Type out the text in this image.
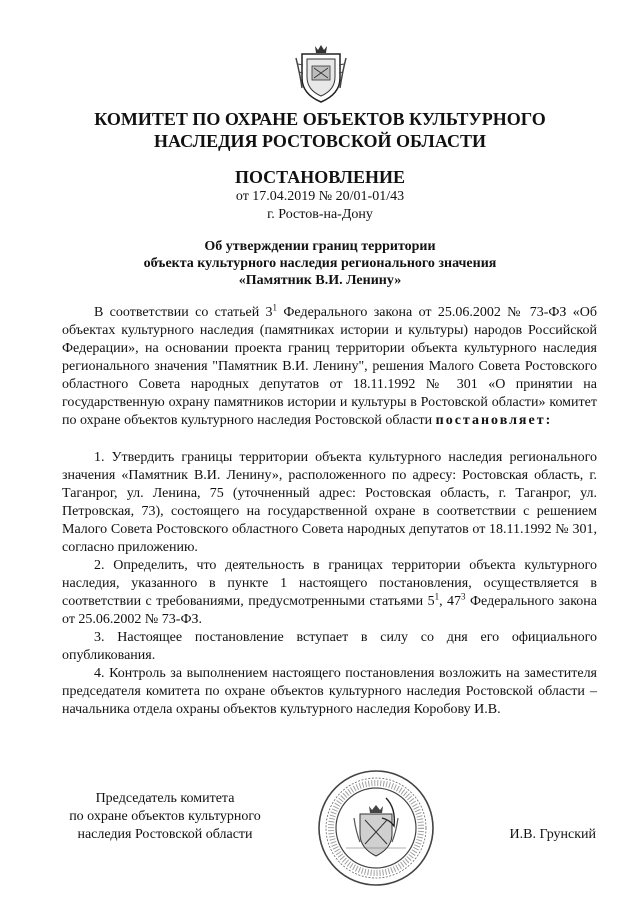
КОМИТЕТ ПО ОХРАНЕ ОБЪЕКТОВ КУЛЬТУРНОГО
НАСЛЕДИЯ РОСТОВСКОЙ ОБЛАСТИ
ПОСТАНОВЛЕНИЕ
от 17.04.2019 № 20/01-01/43
г. Ростов-на-Дону
Об утверждении границ территории
объекта культурного наследия регионального значения
«Памятник В.И. Ленину»

В соответствии со статьей $3^1$ Федерального закона от 25.06.2002 № 73-ФЗ «Об объектах культурного наследия (памятниках истории и культуры) народов Российской Федерации», на основании проекта границ территории объекта культурного наследия регионального значения "Памятник В.И. Ленину", решения Малого Совета Ростовского областного Совета народных депутатов от 18.11.1992 № 301 «О принятии на государственную охрану памятников истории и культуры в Ростовской области» комитет по охране объектов культурного наследия Ростовской области постановляет:

1. Утвердить границы территории объекта культурного наследия регионального значения «Памятник В.И. Ленину», расположенного по адресу: Ростовская область, г. Таганрог, ул. Ленина, 75 (уточненный адрес: Ростовская область, г. Таганрог, ул. Петровская, 73), состоящего на государственной охране в соответствии с решением Малого Совета Ростовского областного Совета народных депутатов от 18.11.1992 № 301, согласно приложению.

2. Определить, что деятельность в границах территории объекта культурного наследия, указанного в пункте 1 настоящего постановления, осуществляется в соответствии с требованиями, предусмотренными статьями $5^1$, $47^3$ Федерального закона от 25.06.2002 № 73-ФЗ.

3. Настоящее постановление вступает в силу со дня его официального опубликования.

4. Контроль за выполнением настоящего постановления возложить на заместителя председателя комитета по охране объектов культурного наследия Ростовской области – начальника отдела охраны объектов культурного наследия Коробову И.В.

Председатель комитета
по охране объектов культурного
наследия Ростовской области	И.В. Грунский
